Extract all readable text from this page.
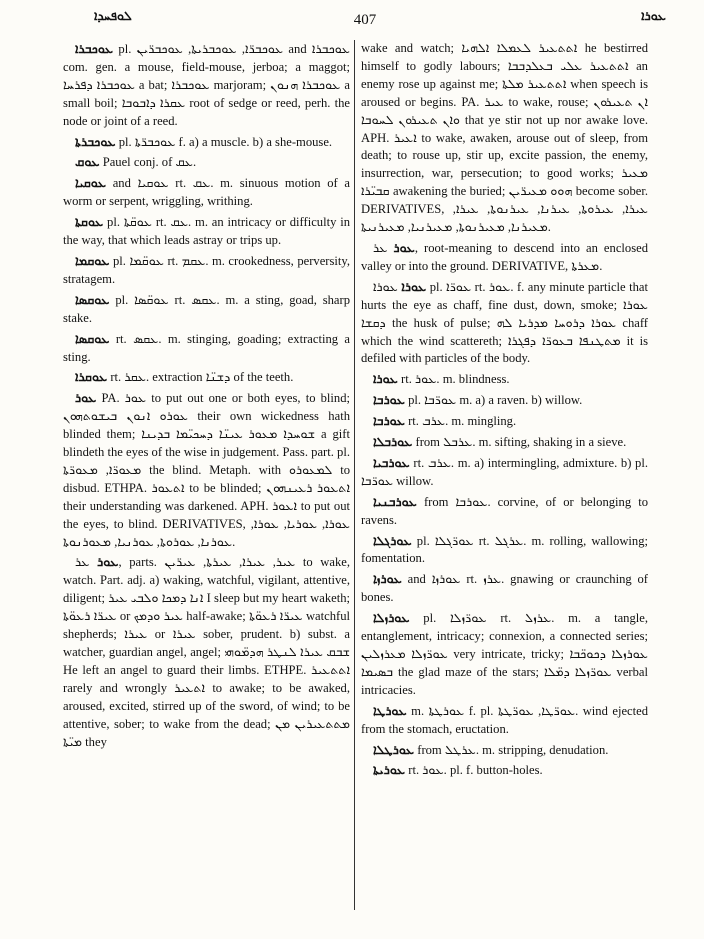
ܠܘܦܚܕܐ	407	ܥܘܪܐ

ܥܘܟܒܪܐ pl. ܥܘܟܒܪ̈ܐ, ܥܘܟܒܪܝܬܐ, ܥܘܟܒܪ̈ܝܢ and ܥܘܟܒܪܐ com. gen. a mouse, field-mouse, jerboa; a maggot; ܥܘܟܒܪܐ ܕܦܪܚܐ a bat; ܥܘܟܒܪܐ marjoram; ܥܘܟܒܪܐ ܗܢܘܢ a small boil; ܥܩܪܐ ܕܐܒܘܒܐ root of sedge or reed, perh. the node or joint of a reed.

ܥܘܟܒܪܬܐ pl. ܥܘܟܒܪ̈ܬܐ f. a) a muscle. b) a she-mouse.

ܥܘܩ Pauel conj. of ܥܩ.

ܥܘܩܝܐ and ܥܘܩܝܐ rt. ܥܩ. m. sinuous motion of a worm or serpent, wriggling, writhing.

ܥܘܩܬܐ pl. ܥܘܩ̈ܬܐ rt. ܥܩ. m. an intricacy or difficulty in the way, that which leads astray or trips up.

ܥܘܩܡܐ pl. ܥܘܩ̈ܡܐ rt. ܥܩܡ. m. crookedness, perversity, stratagem.

ܥܘܩܣܐ pl. ܥܘܩ̈ܣܐ rt. ܥܩܣ. m. a sting, goad, sharp stake.

ܥܘܩܣܐ rt. ܥܩܣ. m. stinging, goading; extracting a sting.

ܥܘܩܪܐ rt. ܥܩܪ. extraction ܕܫܢ̈ܐ of the teeth.

ܥܘܪ PA. ܥܘܪ to put out one or both eyes, to blind; ܥܘܪܘ ܐܢܘܢ ܒܝܫܘܬܗܘܢ their own wickedness hath blinded them; ܫܘܚܕܐ ܡܥܘܪ ܥܝܢ̈ܐ ܕܚܟܝ̈ܡܐ ܒܕܝܢܐ a gift blindeth the eyes of the wise in judgement. Pass. part. pl. ܡܥܘܪ̈ܐ, ܡܥܘܪ̈ܬܐ the blind. Metaph. with ܠܡܥܘܪܘ to disbud. ETHPA. ܐܬܥܘܪ to be blinded; ܐܬܥܘܪ ܪܥܝܢܗܘܢ their understanding was darkened. APH. ܐܥܘܪ to put out the eyes, to blind. DERIVATIVES, ܥܘܪܐ, ܥܘܪܝܐ, ܥܘܪܐ, ܥܘܪܢܐ, ܥܘܪܘܬܐ, ܥܘܪܢܝܐ, ܡܥܘܪܢܘܬܐ.

ܥܘܪ ܥܪ, parts. ܥܝܪ, ܥܝܪܐ, ܥܝܪܬܐ, ܥܝܪ̈ܝܢ to wake, watch. Part. adj. a) waking, watchful, vigilant, attentive, diligent; ܐܢܐ ܕܡܟܐ ܘܠܒܝ ܥܝܪ I sleep but my heart waketh; ܥܝܪ̈ܐ ܪܥܘ̈ܬܐ or ܥܝܪ ܘܕܡܟ half-awake; ܥܝܪ̈ܐ ܪܥܘ̈ܬܐ watchful shepherds; ܥܝܪܐ or ܥܝܪܐ sober, prudent. b) subst. a watcher, guardian angel, angel; ܫܒܩ ܥܝܪܐ ܠܢܛܪ ܗܕܡ̈ܘܗܝ He left an angel to guard their limbs. ETHPE. ܐܬܬܥܝܪ rarely and wrongly ܐܬܥܝܪ to awake; to be awaked, aroused, excited, stirred up of the sword, of wind; to be attentive, sober; to wake from the dead; ܡܬܬܥܝܪܝܢ ܡܢ ܡܝ̈ܬܐ they

wake and watch; ܐܬܬܥܝܪ ܠܥܡܠܐ ܐܠܗܝܐ he bestirred himself to godly labours; ܐܬܬܥܝܪ ܥܠܝ ܒܥܠܕܒܒܐ an enemy rose up against me; ܐܬܬܥܝܪ ܡܠܬܐ when speech is aroused or begins. PA. ܥܝܪ to wake, rouse; ܐܢ ܬܥܝܪܘܢ ܘܐܢ ܬܥܝܪܘܢ ܠܚܘܒܐ that ye stir not up nor awake love. APH. ܐܥܝܪ to wake, awaken, arouse out of sleep, from death; to rouse up, stir up, excite passion, the enemy, insurrection, war, persecution; to good works; ܡܥܝܪ ܩܒܝ̈ܪܐ awakening the buried; ܗܘܘ ܡܥܝܪ̈ܝܢ become sober. DERIVATIVES, ܥܝܪܐ, ܥܝܪܘܬܐ, ܥܝܪܢܐ, ܥܝܪܢܘܬܐ, ܥܝܪܐ, ܡܥܝܪܢܐ, ܡܥܝܪܢܘܬܐ, ܡܥܝܪܢܝܐ, ܡܥܝܪܢܝܬܐ.

ܥܘܪ ܥܪ, root-meaning to descend into an enclosed valley or into the ground. DERIVATIVE, ܡܥܪܬܐ.

ܥܘܪܐ ܥܘܪܐ pl. ܥܘܪ̈ܐ rt. ܥܘܪ. f. any minute particle that hurts the eye as chaff, fine dust, down, smoke; ܥܘܪܐ ܕܩܫܐ the husk of pulse; ܥܘܪܐ ܕܪܘܚܐ ܡܕܪܝܐ ܠܗ chaff which the wind scattereth; ܡܬܛܢܦܐ ܒܥܘܪ̈ܐ ܕܦܓܪܐ it is defiled with particles of the body.

ܥܘܪܐ rt. ܥܘܪ. m. blindness.

ܥܘܪܒܐ pl. ܥܘܪ̈ܒܐ m. a) a raven. b) willow.

ܥܘܪܒܐ rt. ܥܪܒ. m. mingling.

ܥܘܪܒܠܐ from ܥܪܒܠ. m. sifting, shaking in a sieve.

ܥܘܪܒܝܐ rt. ܥܪܒ. m. a) intermingling, admixture. b) pl. ܥܘܪ̈ܒܐ willow.

ܥܘܪܒܢܝܐ from ܥܘܪܒܐ. corvine, of or belonging to ravens.

ܥܘܪܓܠܐ pl. ܥܘܪ̈ܓܠܐ rt. ܥܪܓܠ. m. rolling, wallowing; fomentation.

ܥܘܪܙܐ and ܥܘܪܙܐ rt. ܥܪܙ. gnawing or craunching of bones.

ܥܘܪܙܠܐ pl. ܥܘܪ̈ܙܠܐ rt. ܥܪܙܠ. m. a tangle, entanglement, intricacy; connexion, a connected series; ܥܘܪ̈ܙܠܐ ܡܥܪܙܠܝܢ very intricate, tricky; ܥܘܪܙܠܐ ܕܟܘܟ̈ܒܐ ܒܣܝܡܐ the glad maze of the stars; ܥܘܪ̈ܙܠܐ ܕܡ̈ܠܐ verbal intricacies.

ܥܘܪܛܐ m. ܥܘܪܛܬܐ f. pl. ܥܘܪ̈ܛܐ, ܥܘܪ̈ܛܬܐ. wind ejected from the stomach, eructation.

ܥܘܪܛܠܐ from ܥܪܛܠ. m. stripping, denudation.

ܥܘܪܝܬܐ rt. ܥܘܪ. pl. f. button-holes.
